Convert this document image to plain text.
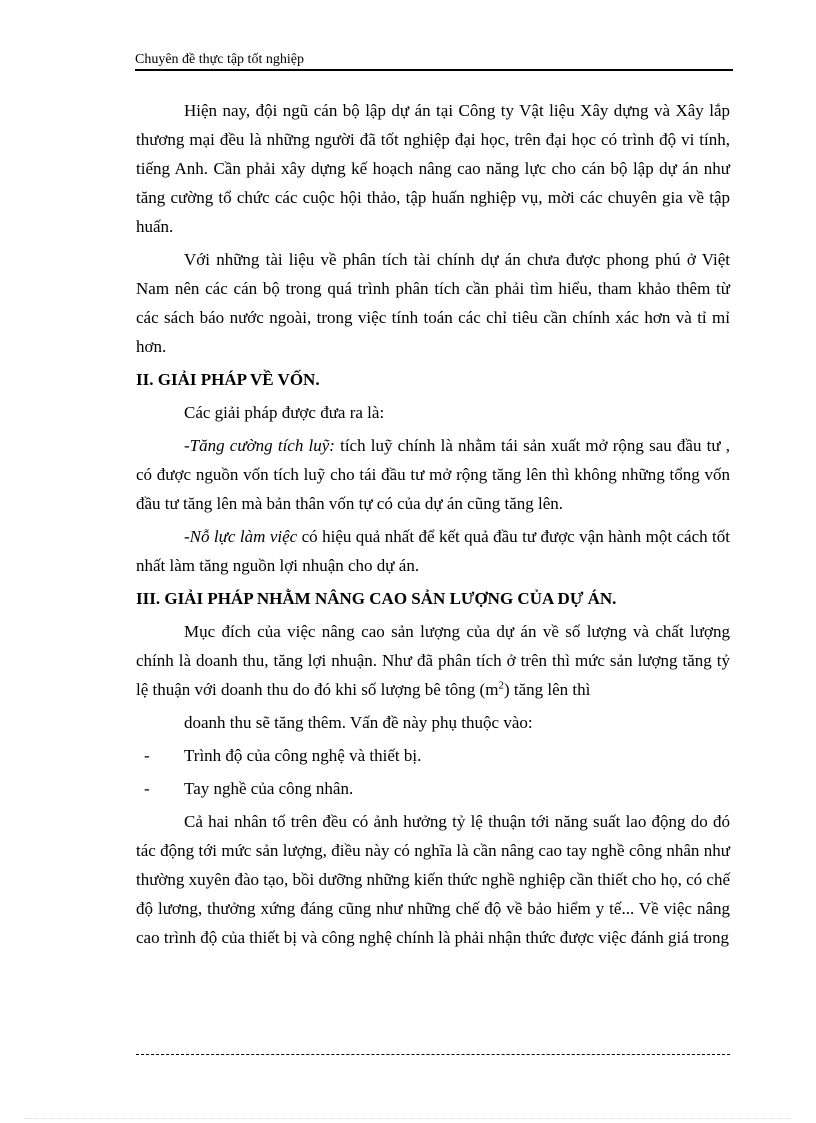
Chuyên đề thực tập tốt nghiệp

Hiện nay, đội ngũ cán bộ lập dự án tại Công ty Vật liệu Xây dựng và Xây lắp thương mại đều là những người đã tốt nghiệp đại học, trên đại học có trình độ vi tính, tiếng Anh. Cần phải xây dựng kế hoạch nâng cao năng lực cho cán bộ lập dự án như tăng cường tổ chức các cuộc hội thảo, tập huấn nghiệp vụ, mời các chuyên gia về tập huấn.

Với những tài liệu về phân tích tài chính dự án chưa được phong phú ở Việt Nam nên các cán bộ trong quá trình phân tích cần phải tìm hiểu, tham khảo thêm từ các sách báo nước ngoài, trong việc tính toán các chỉ tiêu cần chính xác hơn và tỉ mỉ hơn.

II. GIẢI PHÁP VỀ VỐN.

Các giải pháp được đưa ra là:

-Tăng cường tích luỹ: tích luỹ chính là nhằm tái sản xuất mở rộng sau đầu tư , có được nguồn vốn tích luỹ cho tái đầu tư mở rộng tăng lên thì không những tổng vốn đầu tư tăng lên mà bản thân vốn tự có của dự án cũng tăng lên.

-Nỗ lực làm việc có hiệu quả nhất để kết quả đầu tư được vận hành một cách tốt nhất làm tăng nguồn lợi nhuận cho dự án.

III. GIẢI PHÁP NHẰM NÂNG CAO SẢN LƯỢNG CỦA DỰ ÁN.

Mục đích của việc nâng cao sản lượng của dự án về số lượng và chất lượng chính là doanh thu, tăng lợi nhuận. Như đã phân tích ở trên thì mức sản lượng tăng tỷ lệ thuận với doanh thu do đó khi số lượng bê tông $(m^2)$ tăng lên thì

doanh thu sẽ tăng thêm. Vấn đề này phụ thuộc vào:

-	Trình độ của công nghệ và thiết bị.
-	Tay nghề của công nhân.

Cả hai nhân tố trên đều có ảnh hưởng tỷ lệ thuận tới năng suất lao động do đó tác động tới mức sản lượng, điều này có nghĩa là cần nâng cao tay nghề công nhân như thường xuyên đào tạo, bồi dưỡng những kiến thức nghề nghiệp cần thiết cho họ, có chế độ lương, thưởng xứng đáng cũng như những chế độ về bảo hiểm y tế... Về việc nâng cao trình độ của thiết bị và công nghệ chính là phải nhận thức được việc đánh giá trong
